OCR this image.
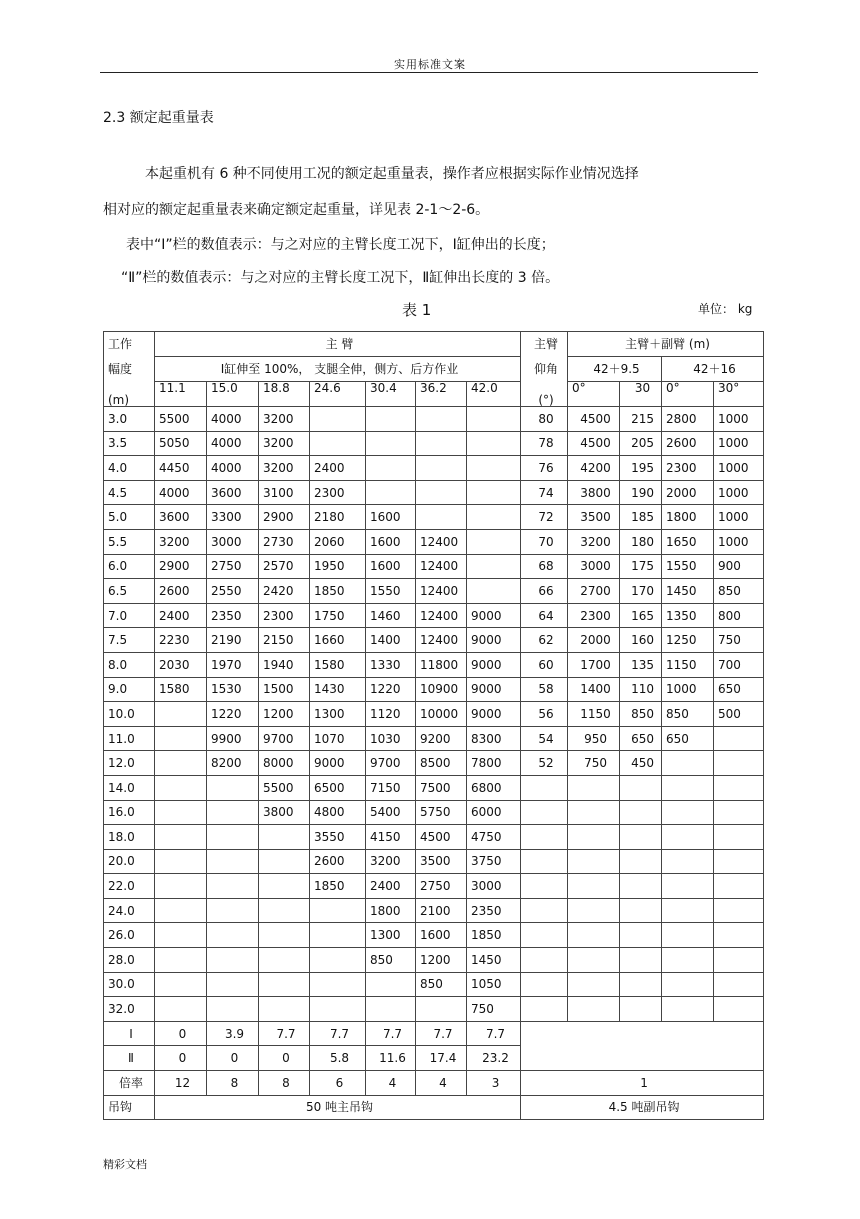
实用标准文案
2.3 额定起重量表
本起重机有 6 种不同使用工况的额定起重量表，操作者应根据实际作业情况选择
相对应的额定起重量表来确定额定起重量，详见表 2-1～2-6。
表中“Ⅰ”栏的数值表示：与之对应的主臂长度工况下，Ⅰ缸伸出的长度；
“Ⅱ”栏的数值表示：与之对应的主臂长度工况下，Ⅱ缸伸出长度的 3 倍。
表 1	单位： kg
工作	主 臂							主臂	主臂＋副臂 (m)			
幅度	Ⅰ缸伸至 100%， 支腿全伸，侧方、后方作业							仰角	42＋9.5		42＋16	
(m)	11.1	15.0	18.8	24.6	30.4	36.2	42.0	(°)	0°	30	0°	30°
3.0	5500	4000	3200					80	4500	215	2800	1000
3.5	5050	4000	3200					78	4500	205	2600	1000
4.0	4450	4000	3200	2400				76	4200	195	2300	1000
4.5	4000	3600	3100	2300				74	3800	190	2000	1000
5.0	3600	3300	2900	2180	1600			72	3500	185	1800	1000
5.5	3200	3000	2730	2060	1600	12400		70	3200	180	1650	1000
6.0	2900	2750	2570	1950	1600	12400		68	3000	175	1550	900
6.5	2600	2550	2420	1850	1550	12400		66	2700	170	1450	850
7.0	2400	2350	2300	1750	1460	12400	9000	64	2300	165	1350	800
7.5	2230	2190	2150	1660	1400	12400	9000	62	2000	160	1250	750
8.0	2030	1970	1940	1580	1330	11800	9000	60	1700	135	1150	700
9.0	1580	1530	1500	1430	1220	10900	9000	58	1400	110	1000	650
10.0		1220	1200	1300	1120	10000	9000	56	1150	850	850	500
11.0		9900	9700	1070	1030	9200	8300	54	950	650	650	
12.0		8200	8000	9000	9700	8500	7800	52	750	450		
14.0			5500	6500	7150	7500	6800					
16.0			3800	4800	5400	5750	6000					
18.0				3550	4150	4500	4750					
20.0				2600	3200	3500	3750					
22.0				1850	2400	2750	3000					
24.0					1800	2100	2350					
26.0					1300	1600	1850					
28.0					850	1200	1450					
30.0						850	1050					
32.0							750					
Ⅰ	0	3.9	7.7	7.7	7.7	7.7	7.7					
Ⅱ	0	0	0	5.8	11.6	17.4	23.2					
倍率	12	8	8	6	4	4	3	1				
吊钩	50 吨主吊钩							4.5 吨副吊钩				
精彩文档
